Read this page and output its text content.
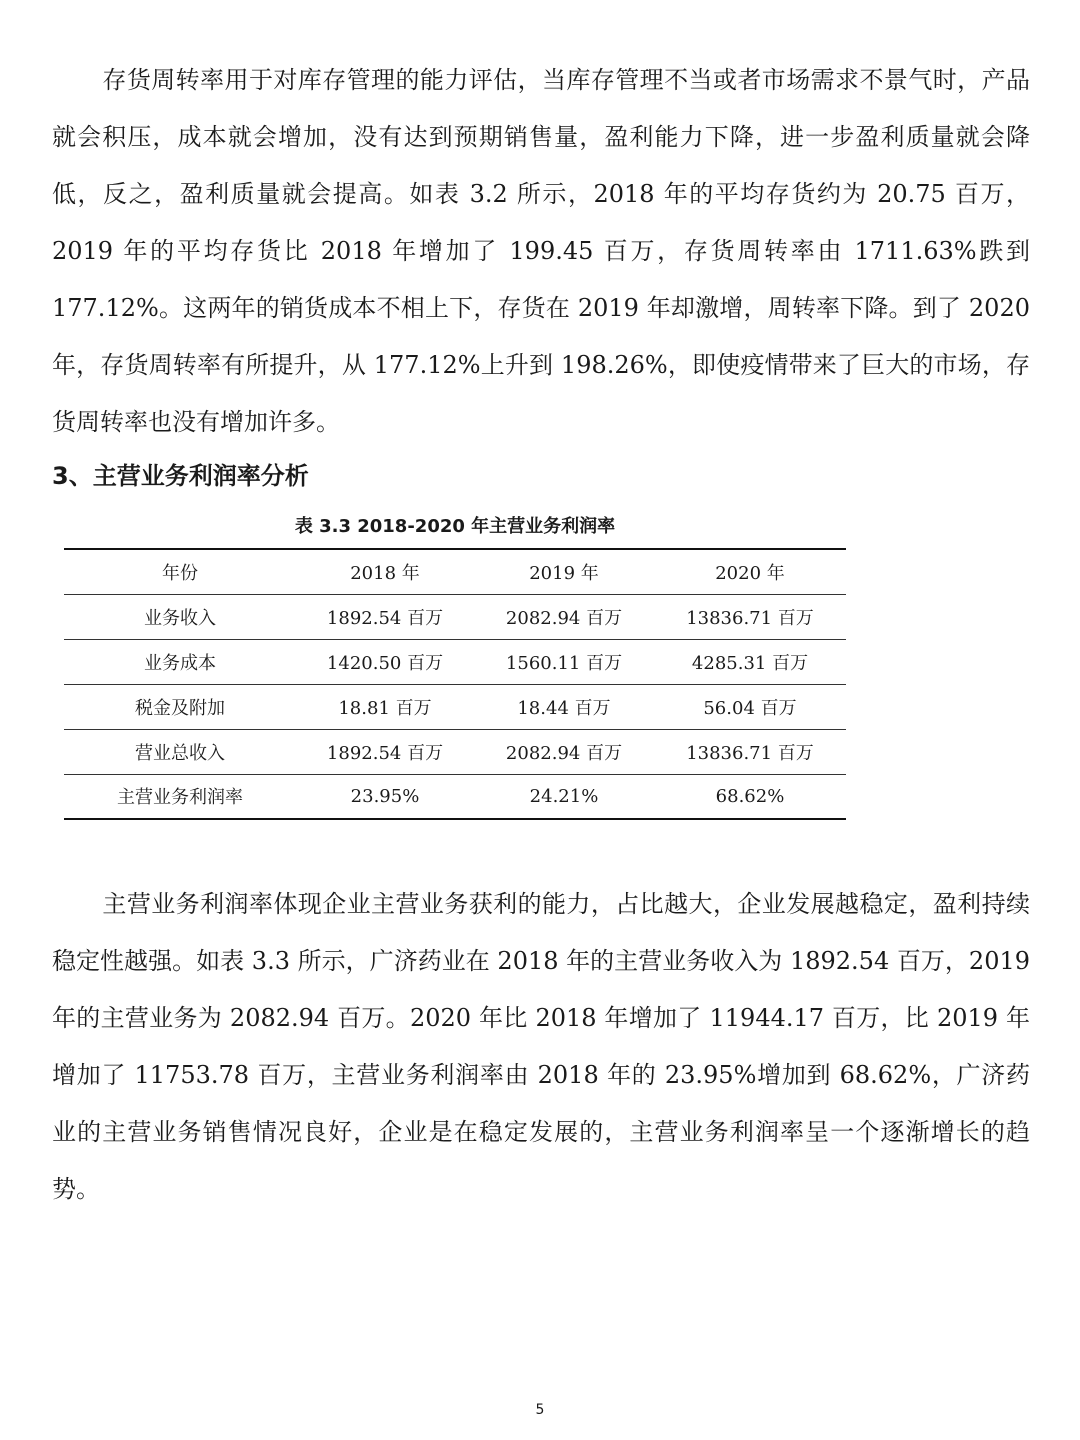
存货周转率用于对库存管理的能力评估，当库存管理不当或者市场需求不景气时，产品就会积压，成本就会增加，没有达到预期销售量，盈利能力下降，进一步盈利质量就会降低，反之，盈利质量就会提高。如表 3.2 所示，2018 年的平均存货约为 20.75 百万，2019 年的平均存货比 2018 年增加了 199.45 百万，存货周转率由 1711.63%跌到 177.12%。这两年的销货成本不相上下，存货在 2019 年却激增，周转率下降。到了 2020 年，存货周转率有所提升，从 177.12%上升到 198.26%，即使疫情带来了巨大的市场，存货周转率也没有增加许多。

3、主营业务利润率分析
表 3.3 2018-2020 年主营业务利润率
年份	2018 年	2019 年	2020 年
业务收入	1892.54 百万	2082.94 百万	13836.71 百万
业务成本	1420.50 百万	1560.11 百万	4285.31 百万
税金及附加	18.81 百万	18.44 百万	56.04 百万
营业总收入	1892.54 百万	2082.94 百万	13836.71 百万
主营业务利润率	23.95%	24.21%	68.62%

主营业务利润率体现企业主营业务获利的能力，占比越大，企业发展越稳定，盈利持续稳定性越强。如表 3.3 所示，广济药业在 2018 年的主营业务收入为 1892.54 百万，2019 年的主营业务为 2082.94 百万。2020 年比 2018 年增加了 11944.17 百万，比 2019 年增加了 11753.78 百万，主营业务利润率由 2018 年的 23.95%增加到 68.62%，广济药业的主营业务销售情况良好，企业是在稳定发展的，主营业务利润率呈一个逐渐增长的趋势。

5
